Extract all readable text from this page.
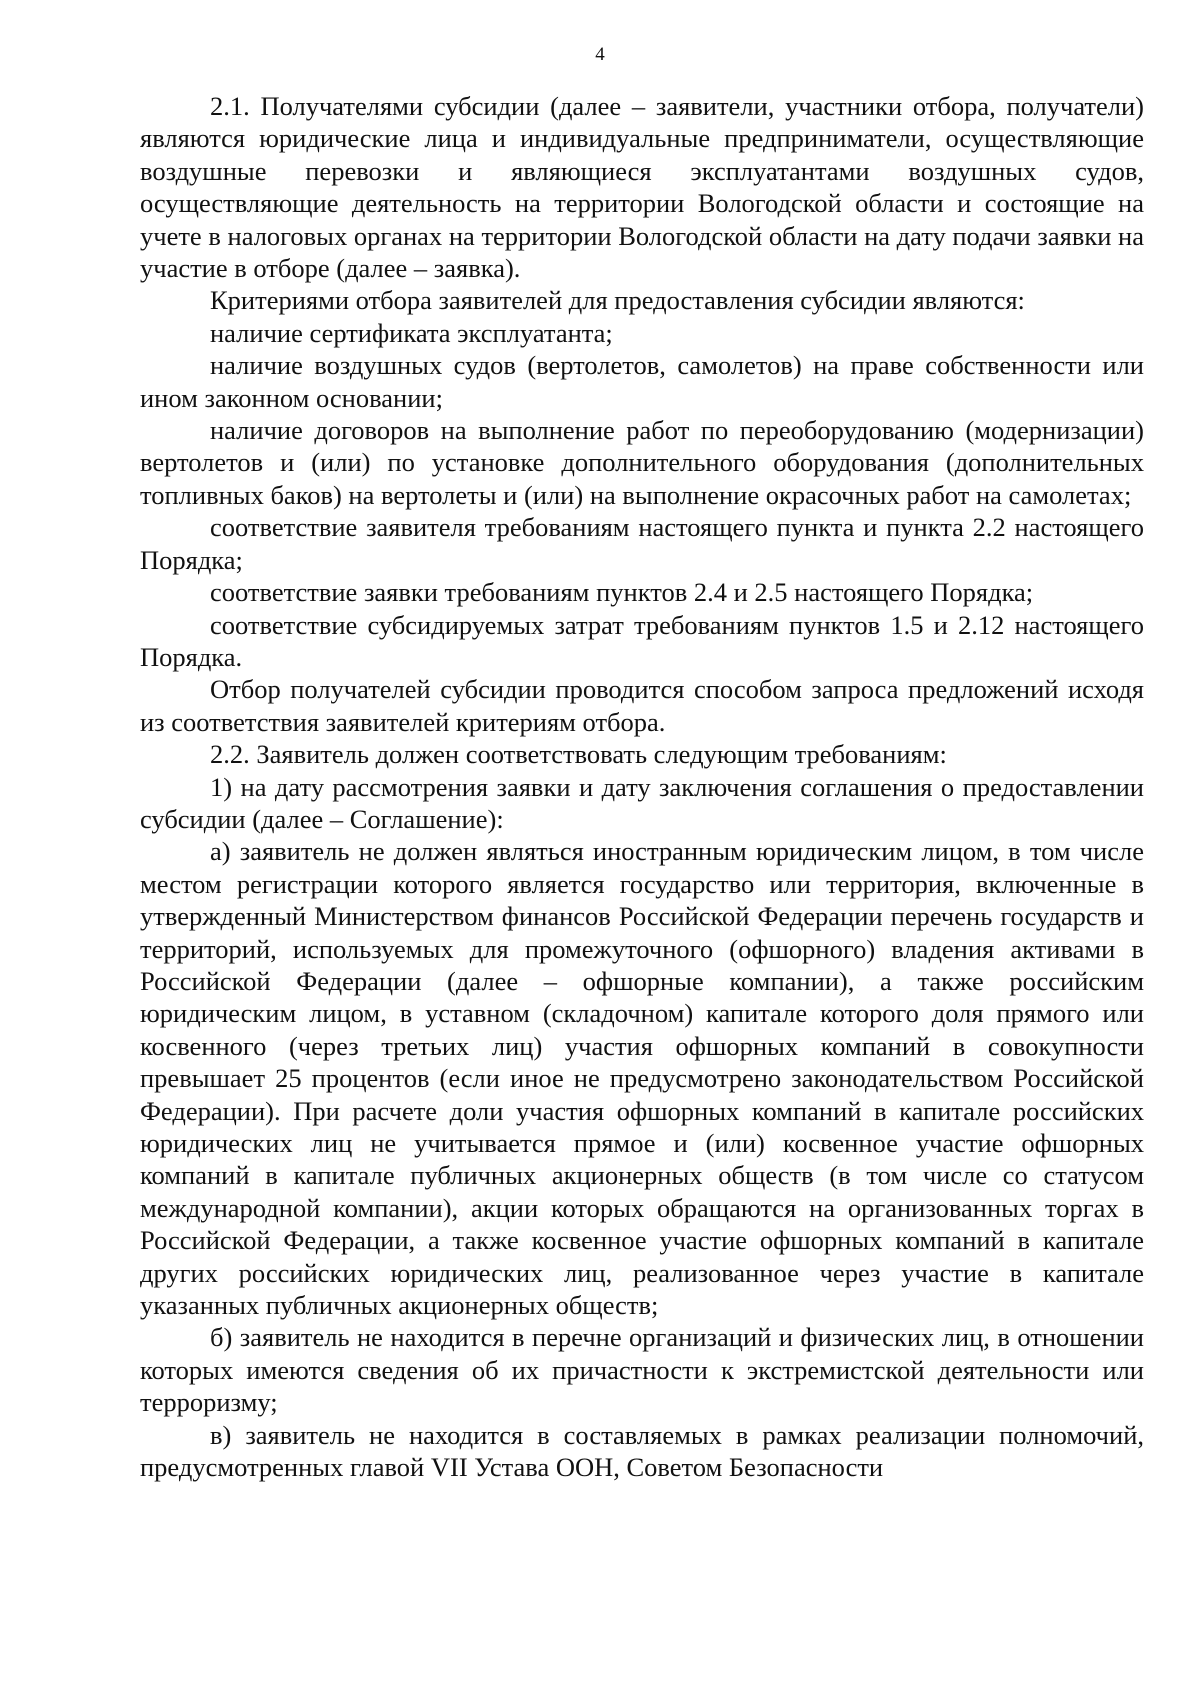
4

2.1. Получателями субсидии (далее – заявители, участники отбора, получатели) являются юридические лица и индивидуальные предприниматели, осуществляющие воздушные перевозки и являющиеся эксплуатантами воздушных судов, осуществляющие деятельность на территории Вологодской области и состоящие на учете в налоговых органах на территории Вологодской области на дату подачи заявки на участие в отборе (далее – заявка).

Критериями отбора заявителей для предоставления субсидии являются:

наличие сертификата эксплуатанта;

наличие воздушных судов (вертолетов, самолетов) на праве собственности или ином законном основании;

наличие договоров на выполнение работ по переоборудованию (модернизации) вертолетов и (или) по установке дополнительного оборудования (дополнительных топливных баков) на вертолеты и (или) на выполнение окрасочных работ на самолетах;

соответствие заявителя требованиям настоящего пункта и пункта 2.2 настоящего Порядка;

соответствие заявки требованиям пунктов 2.4 и 2.5 настоящего Порядка;

соответствие субсидируемых затрат требованиям пунктов 1.5 и 2.12 настоящего Порядка.

Отбор получателей субсидии проводится способом запроса предложений исходя из соответствия заявителей критериям отбора.

2.2. Заявитель должен соответствовать следующим требованиям:

1) на дату рассмотрения заявки и дату заключения соглашения о предоставлении субсидии (далее – Соглашение):

а) заявитель не должен являться иностранным юридическим лицом, в том числе местом регистрации которого является государство или территория, включенные в утвержденный Министерством финансов Российской Федерации перечень государств и территорий, используемых для промежуточного (офшорного) владения активами в Российской Федерации (далее – офшорные компании), а также российским юридическим лицом, в уставном (складочном) капитале которого доля прямого или косвенного (через третьих лиц) участия офшорных компаний в совокупности превышает 25 процентов (если иное не предусмотрено законодательством Российской Федерации). При расчете доли участия офшорных компаний в капитале российских юридических лиц не учитывается прямое и (или) косвенное участие офшорных компаний в капитале публичных акционерных обществ (в том числе со статусом международной компании), акции которых обращаются на организованных торгах в Российской Федерации, а также косвенное участие офшорных компаний в капитале других российских юридических лиц, реализованное через участие в капитале указанных публичных акционерных обществ;

б) заявитель не находится в перечне организаций и физических лиц, в отношении которых имеются сведения об их причастности к экстремистской деятельности или терроризму;

в) заявитель не находится в составляемых в рамках реализации полномочий, предусмотренных главой VII Устава ООН, Советом Безопасности
